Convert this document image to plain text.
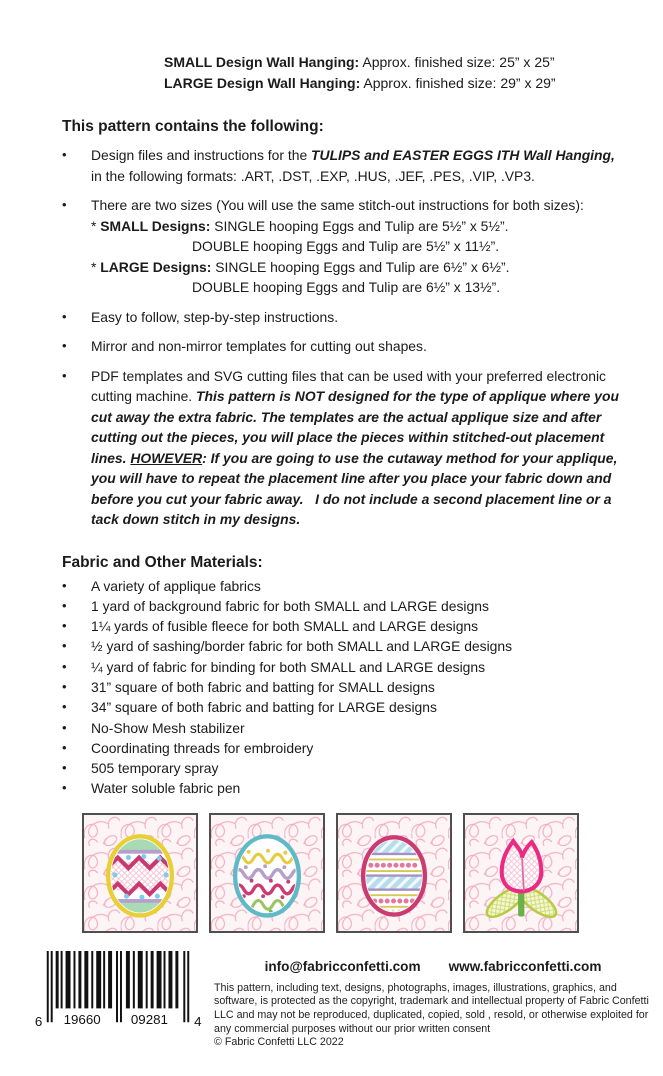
SMALL Design Wall Hanging: Approx. finished size: 25” x 25”
LARGE Design Wall Hanging: Approx. finished size: 29” x 29”
This pattern contains the following:
•	Design files and instructions for the TULIPS and EASTER EGGS ITH Wall Hanging,
in the following formats: .ART, .DST, .EXP, .HUS, .JEF, .PES, .VIP, .VP3.
•	There are two sizes (You will use the same stitch-out instructions for both sizes):
* SMALL Designs: SINGLE hooping Eggs and Tulip are 5½” x 5½”.
DOUBLE hooping Eggs and Tulip are 5½” x 11½”.
* LARGE Designs: SINGLE hooping Eggs and Tulip are 6½” x 6½”.
DOUBLE hooping Eggs and Tulip are 6½” x 13½”.
•	Easy to follow, step-by-step instructions.
•	Mirror and non-mirror templates for cutting out shapes.
•	PDF templates and SVG cutting files that can be used with your preferred electronic cutting machine. This pattern is NOT designed for the type of applique where you cut away the extra fabric. The templates are the actual applique size and after cutting out the pieces, you will place the pieces within stitched-out placement lines. HOWEVER: If you are going to use the cutaway method for your applique, you will have to repeat the placement line after you place your fabric down and before you cut your fabric away.   I do not include a second placement line or a tack down stitch in my designs.
Fabric and Other Materials:
•	A variety of applique fabrics
•	1 yard of background fabric for both SMALL and LARGE designs
•	1¼ yards of fusible fleece for both SMALL and LARGE designs
•	½ yard of sashing/border fabric for both SMALL and LARGE designs
•	¼ yard of fabric for binding for both SMALL and LARGE designs
•	31” square of both fabric and batting for SMALL designs
•	34” square of both fabric and batting for LARGE designs
•	No-Show Mesh stabilizer
•	Coordinating threads for embroidery
•	505 temporary spray
•	Water soluble fabric pen
6 19660 09281 4
info@fabricconfetti.com www.fabricconfetti.com
This pattern, including text, designs, photographs, images, illustrations, graphics, and software, is protected as the copyright, trademark and intellectual property of Fabric Confetti LLC and may not be reproduced, duplicated, copied, sold , resold, or otherwise exploited for any commercial purposes without our prior written consent
© Fabric Confetti LLC 2022
